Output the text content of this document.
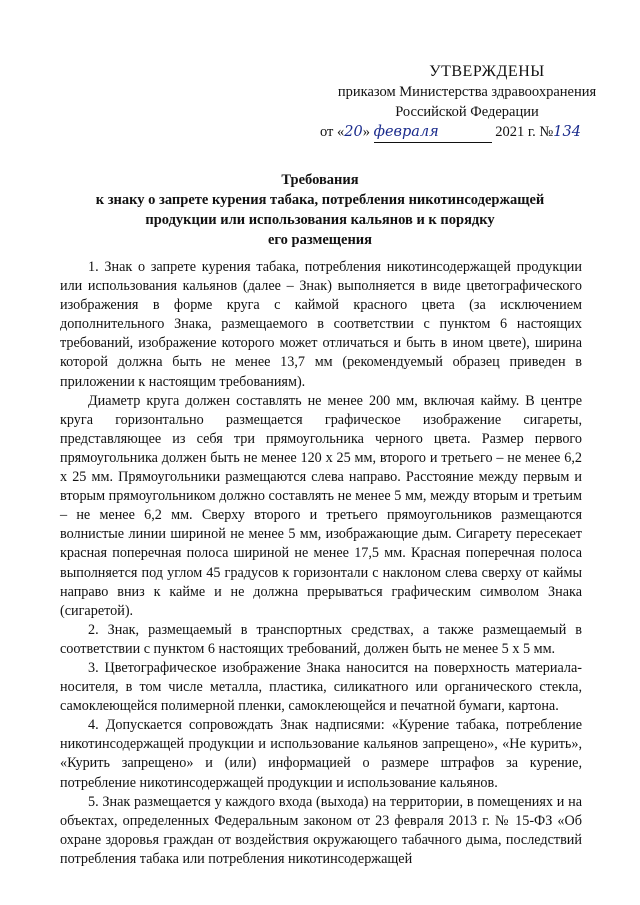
УТВЕРЖДЕНЫ
приказом Министерства здравоохранения
Российской Федерации
от «20» февраля	2021 г. №134
Требования
к знаку о запрете курения табака, потребления никотинсодержащей
продукции или использования кальянов и к порядку
его размещения

1. Знак о запрете курения табака, потребления никотинсодержащей продукции или использования кальянов (далее – Знак) выполняется в виде цветографического изображения в форме круга с каймой красного цвета (за исключением дополнительного Знака, размещаемого в соответствии с пунктом 6 настоящих требований, изображение которого может отличаться и быть в ином цвете), ширина которой должна быть не менее 13,7 мм (рекомендуемый образец приведен в приложении к настоящим требованиям).

Диаметр круга должен составлять не менее 200 мм, включая кайму. В центре круга горизонтально размещается графическое изображение сигареты, представляющее из себя три прямоугольника черного цвета. Размер первого прямоугольника должен быть не менее 120 х 25 мм, второго и третьего – не менее 6,2 х 25 мм. Прямоугольники размещаются слева направо. Расстояние между первым и вторым прямоугольником должно составлять не менее 5 мм, между вторым и третьим – не менее 6,2 мм. Сверху второго и третьего прямоугольников размещаются волнистые линии шириной не менее 5 мм, изображающие дым. Сигарету пересекает красная поперечная полоса шириной не менее 17,5 мм. Красная поперечная полоса выполняется под углом 45 градусов к горизонтали с наклоном слева сверху от каймы направо вниз к кайме и не должна прерываться графическим символом Знака (сигаретой).

2. Знак, размещаемый в транспортных средствах, а также размещаемый в соответствии с пунктом 6 настоящих требований, должен быть не менее 5 х 5 мм.

3. Цветографическое изображение Знака наносится на поверхность материала-носителя, в том числе металла, пластика, силикатного или органического стекла, самоклеющейся полимерной пленки, самоклеющейся и печатной бумаги, картона.

4. Допускается сопровождать Знак надписями: «Курение табака, потребление никотинсодержащей продукции и использование кальянов запрещено», «Не курить», «Курить запрещено» и (или) информацией о размере штрафов за курение, потребление никотинсодержащей продукции и использование кальянов.

5. Знак размещается у каждого входа (выхода) на территории, в помещениях и на объектах, определенных Федеральным законом от 23 февраля 2013 г. № 15-ФЗ «Об охране здоровья граждан от воздействия окружающего табачного дыма, последствий потребления табака или потребления никотинсодержащей
